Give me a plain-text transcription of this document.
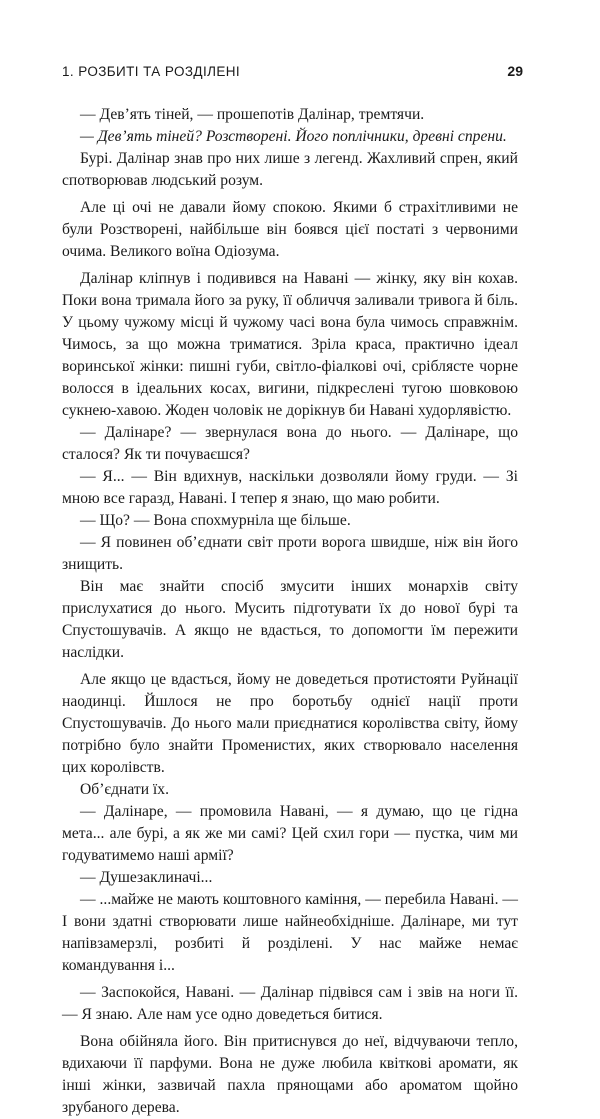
1. РОЗБИТІ ТА РОЗДІЛЕНІ	29

— Дев’ять тіней, — прошепотів Далінар, тремтячи.

— Дев’ять тіней? Розстворені. Його поплічники, древні спрени.

Бурі. Далінар знав про них лише з легенд. Жахливий спрен, який спотворював людський розум.

Але ці очі не давали йому спокою. Якими б страхітливими не були Розстворені, найбільше він боявся цієї постаті з червоними очима. Великого воїна Одіозума.

Далінар кліпнув і подивився на Навані — жінку, яку він кохав. Поки вона тримала його за руку, її обличчя заливали тривога й біль. У цьому чужому місці й чужому часі вона була чимось справжнім. Чимось, за що можна триматися. Зріла краса, практично ідеал воринської жінки: пишні губи, світло-фіалкові очі, сріблясте чорне волосся в ідеальних косах, вигини, підкреслені тугою шовковою сукнею-хавою. Жоден чоловік не дорікнув би Навані худорлявістю.

— Далінаре? — звернулася вона до нього. — Далінаре, що сталося? Як ти почуваєшся?

— Я... — Він вдихнув, наскільки дозволяли йому груди. — Зі мною все гаразд, Навані. І тепер я знаю, що маю робити.

— Що? — Вона спохмурніла ще більше.

— Я повинен об’єднати світ проти ворога швидше, ніж він його знищить.

Він має знайти спосіб змусити інших монархів світу прислухатися до нього. Мусить підготувати їх до нової бурі та Спустошувачів. А якщо не вдасться, то допомогти їм пережити наслідки.

Але якщо це вдасться, йому не доведеться протистояти Руйнації наодинці. Йшлося не про боротьбу однієї нації проти Спустошувачів. До нього мали приєднатися королівства світу, йому потрібно було знайти Променистих, яких створювало населення цих королівств.

Об’єднати їх.

— Далінаре, — промовила Навані, — я думаю, що це гідна мета... але бурі, а як же ми самі? Цей схил гори — пустка, чим ми годуватимемо наші армії?

— Душезаклиначі...

— ...майже не мають коштовного каміння, — перебила Навані. — І вони здатні створювати лише найнеобхідніше. Далінаре, ми тут напівзамерзлі, розбиті й розділені. У нас майже немає командування і...

— Заспокойся, Навані. — Далінар підвівся сам і звів на ноги її. — Я знаю. Але нам усе одно доведеться битися.

Вона обійняла його. Він притиснувся до неї, відчуваючи тепло, вдихаючи її парфуми. Вона не дуже любила квіткові аромати, як інші жінки, зазвичай пахла прянощами або ароматом щойно зрубаного дерева.
